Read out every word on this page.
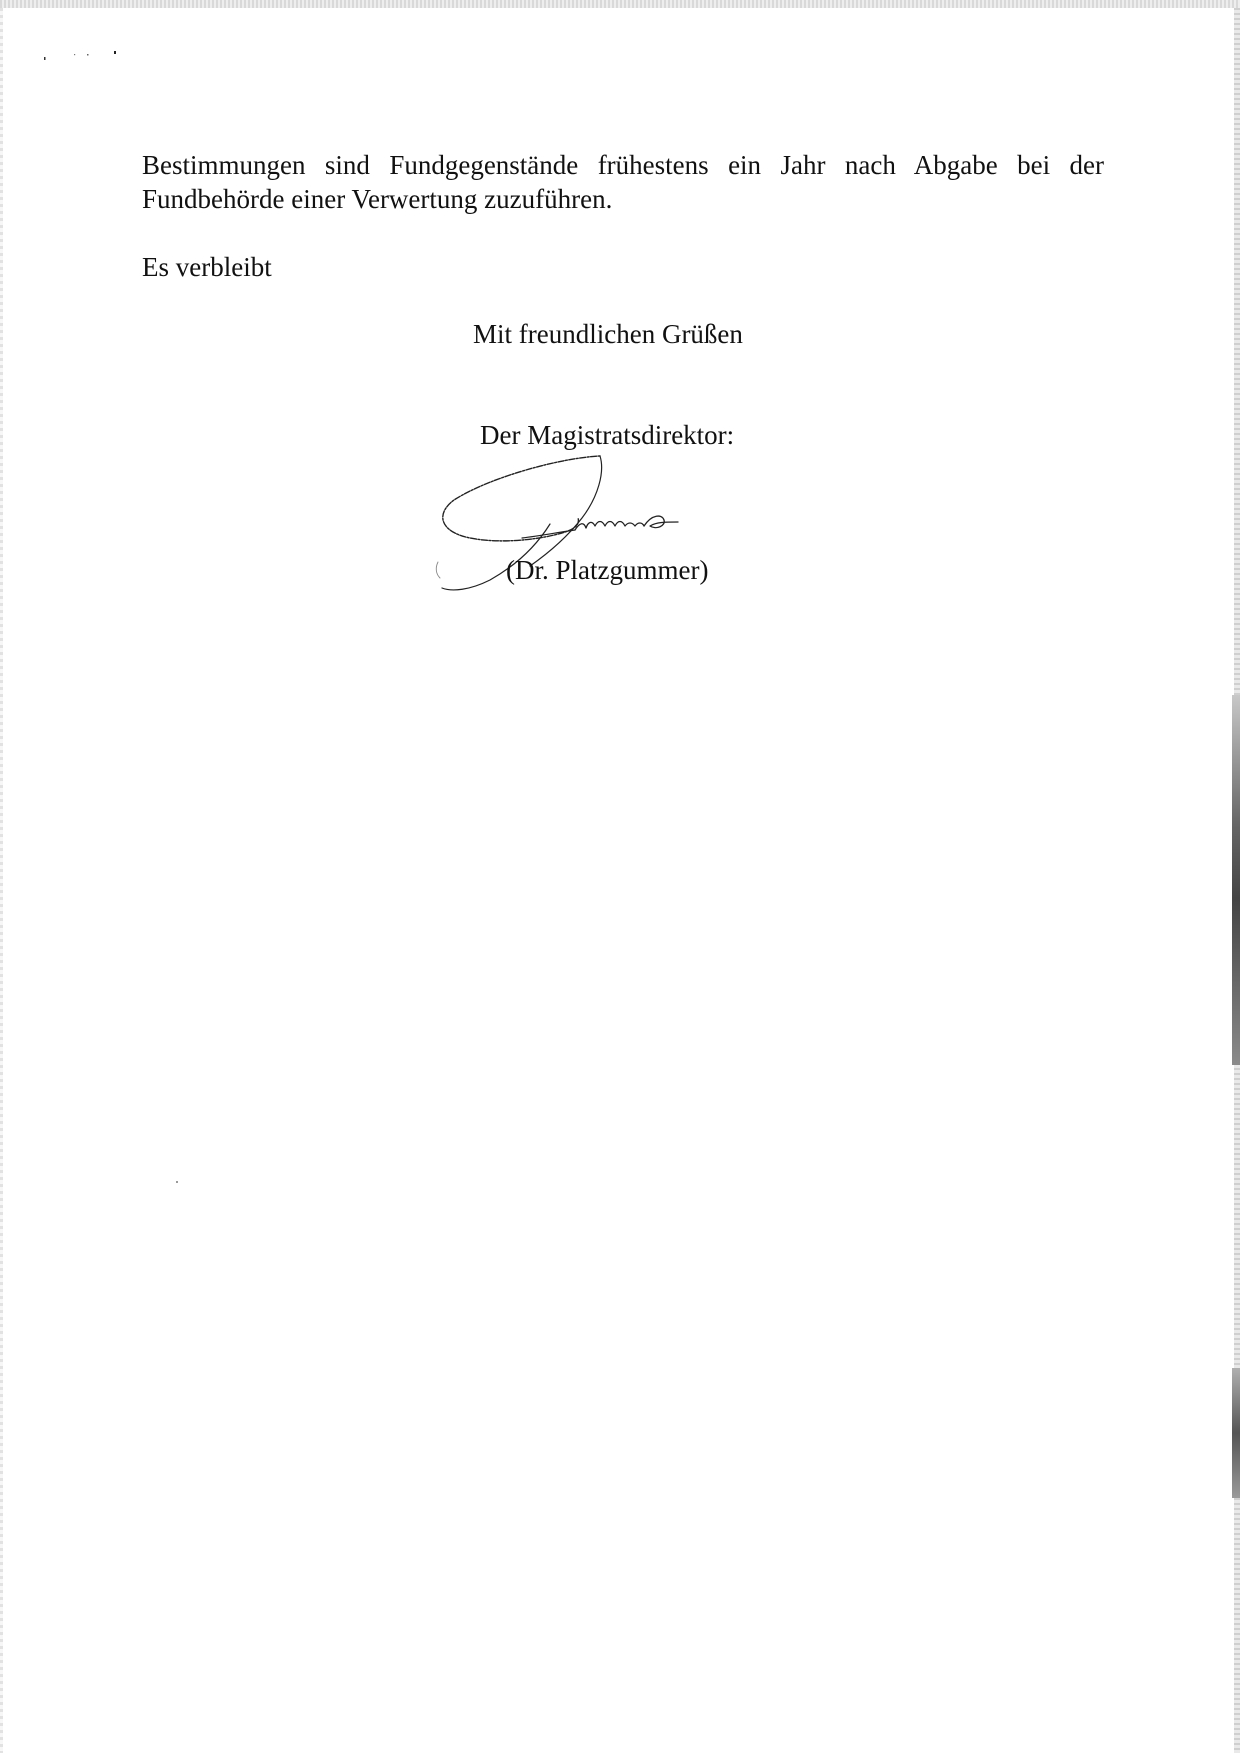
Bestimmungen sind Fundgegenstände frühestens ein Jahr nach Abgabe bei der
Fundbehörde einer Verwertung zuzuführen.
Es verbleibt
Mit freundlichen Grüßen
Der Magistratsdirektor:
(Dr. Platzgummer)
